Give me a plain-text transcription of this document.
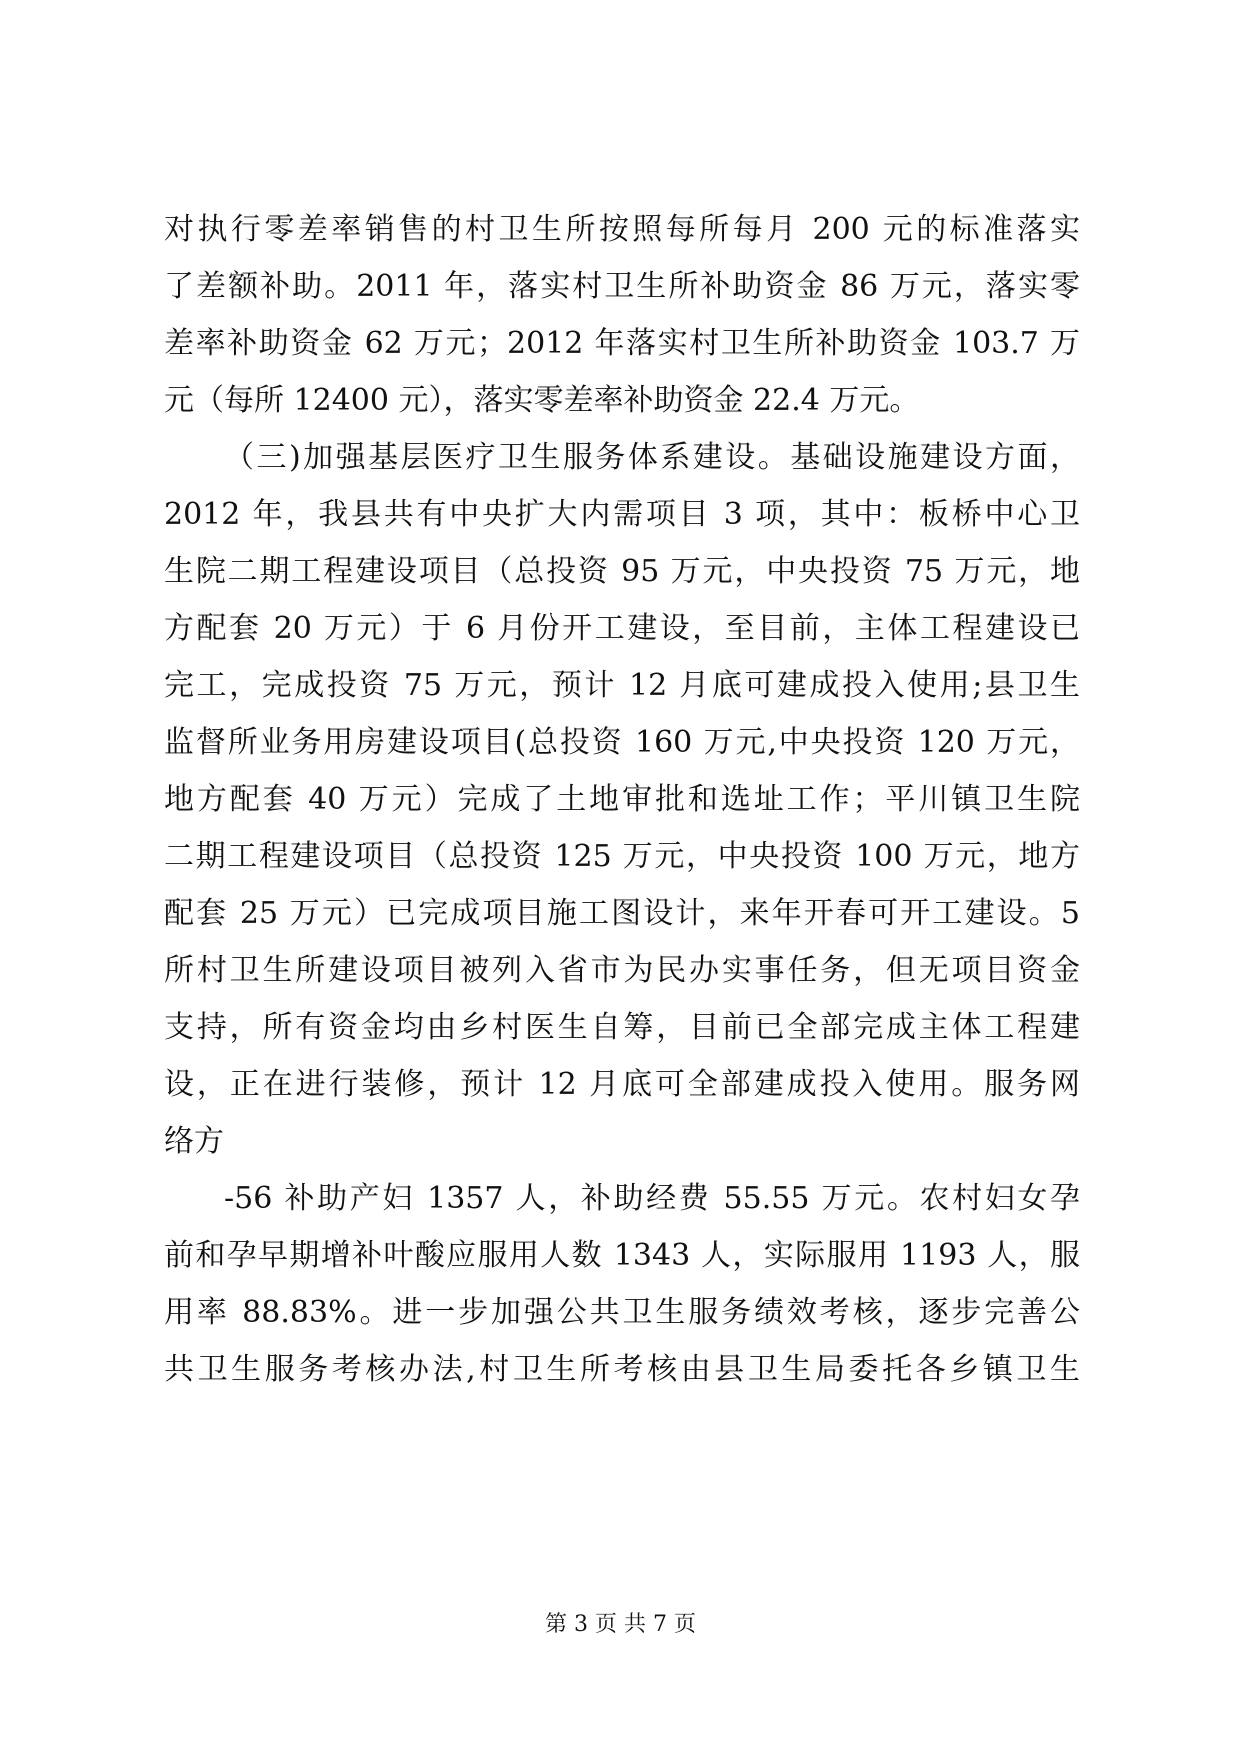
对执行零差率销售的村卫生所按照每所每月 200 元的标准落实
了差额补助。2011 年，落实村卫生所补助资金 86 万元，落实零
差率补助资金 62 万元；2012 年落实村卫生所补助资金 103.7 万
元（每所 12400 元），落实零差率补助资金 22.4 万元。
（三)加强基层医疗卫生服务体系建设。基础设施建设方面，
2012 年，我县共有中央扩大内需项目 3 项，其中：板桥中心卫
生院二期工程建设项目（总投资 95 万元，中央投资 75 万元，地
方配套 20 万元）于 6 月份开工建设，至目前，主体工程建设已
完工，完成投资 75 万元，预计 12 月底可建成投入使用;县卫生
监督所业务用房建设项目(总投资 160 万元,中央投资 120 万元，
地方配套 40 万元）完成了土地审批和选址工作；平川镇卫生院
二期工程建设项目（总投资 125 万元，中央投资 100 万元，地方
配套 25 万元）已完成项目施工图设计，来年开春可开工建设。5
所村卫生所建设项目被列入省市为民办实事任务，但无项目资金
支持，所有资金均由乡村医生自筹，目前已全部完成主体工程建
设，正在进行装修，预计 12 月底可全部建成投入使用。服务网
络方
-56 补助产妇 1357 人，补助经费 55.55 万元。农村妇女孕
前和孕早期增补叶酸应服用人数 1343 人，实际服用 1193 人，服
用率 88.83%。进一步加强公共卫生服务绩效考核，逐步完善公
共卫生服务考核办法,村卫生所考核由县卫生局委托各乡镇卫生
第 3 页 共 7 页
